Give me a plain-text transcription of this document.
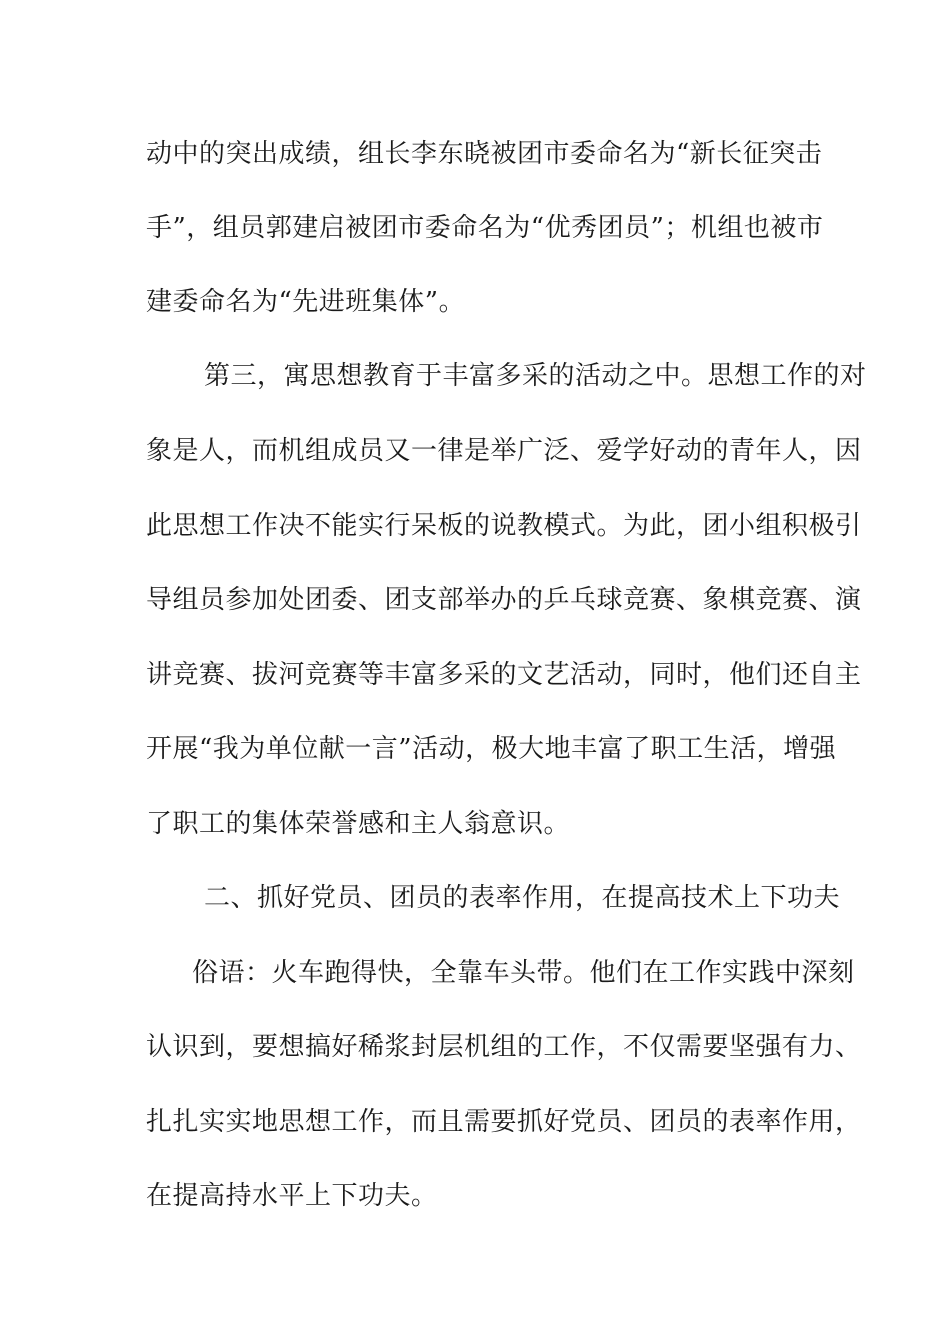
动中的突出成绩，组长李东晓被团市委命名为“新长征突击
手”，组员郭建启被团市委命名为“优秀团员”；机组也被市
建委命名为“先进班集体”。
第三，寓思想教育于丰富多采的活动之中。思想工作的对
象是人，而机组成员又一律是举广泛、爱学好动的青年人，因
此思想工作决不能实行呆板的说教模式。为此，团小组积极引
导组员参加处团委、团支部举办的乒乓球竞赛、象棋竞赛、演
讲竞赛、拔河竞赛等丰富多采的文艺活动，同时，他们还自主
开展“我为单位献一言”活动，极大地丰富了职工生活，增强
了职工的集体荣誉感和主人翁意识。
二、抓好党员、团员的表率作用，在提高技术上下功夫
俗语：火车跑得快，全靠车头带。他们在工作实践中深刻
认识到，要想搞好稀浆封层机组的工作，不仅需要坚强有力、
扎扎实实地思想工作，而且需要抓好党员、团员的表率作用，
在提高持水平上下功夫。
